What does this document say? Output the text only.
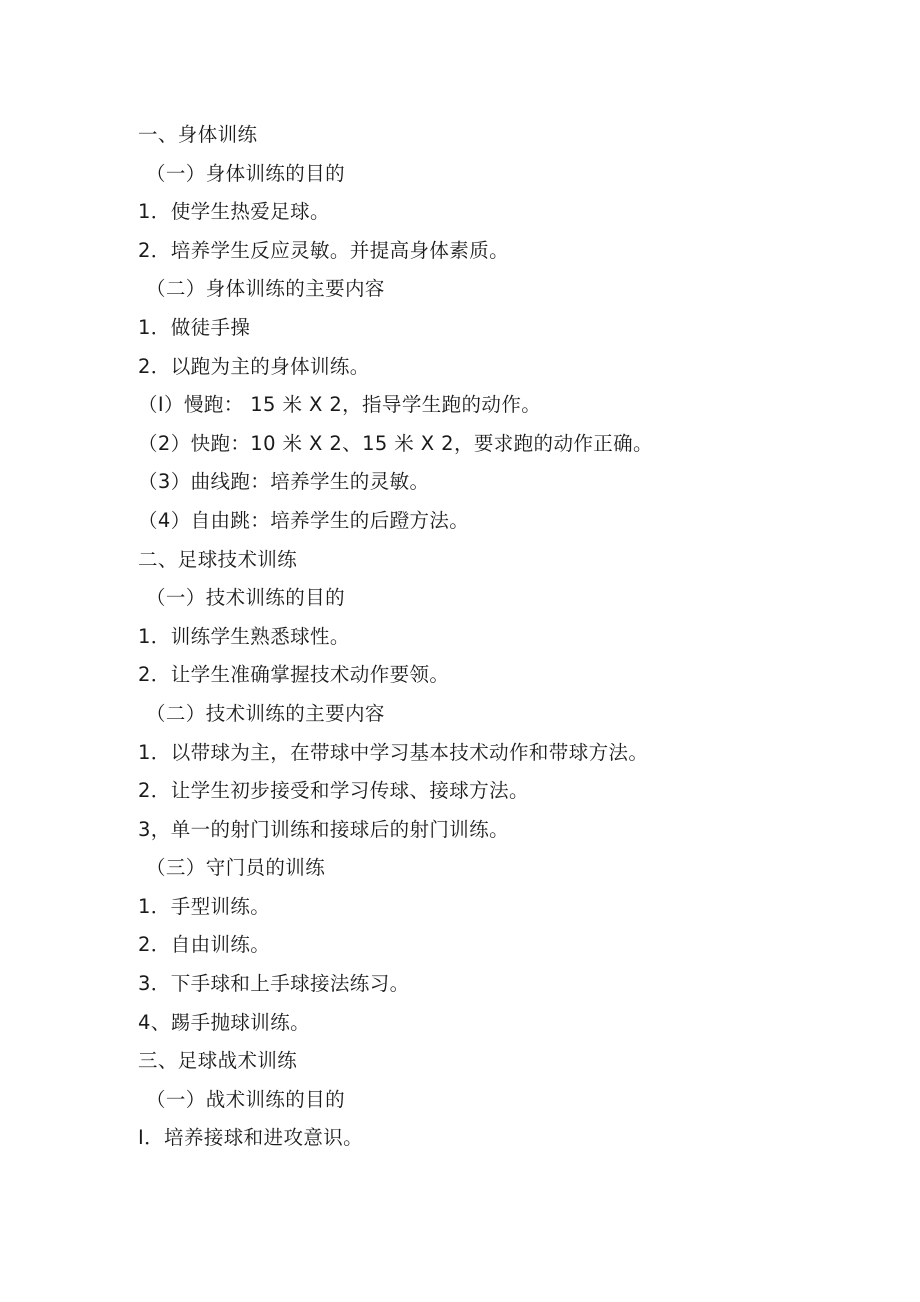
一、身体训练
（一）身体训练的目的
1．使学生热爱足球。
2．培养学生反应灵敏。并提高身体素质。
（二）身体训练的主要内容
1．做徒手操
2．以跑为主的身体训练。
（I）慢跑： 15 米 X 2，指导学生跑的动作。
（2）快跑：10 米 X 2、15 米 X 2，要求跑的动作正确。
（3）曲线跑：培养学生的灵敏。
（4）自由跳：培养学生的后蹬方法。
二、足球技术训练
（一）技术训练的目的
1．训练学生熟悉球性。
2．让学生准确掌握技术动作要领。
（二）技术训练的主要内容
1．以带球为主，在带球中学习基本技术动作和带球方法。
2．让学生初步接受和学习传球、接球方法。
3，单一的射门训练和接球后的射门训练。
（三）守门员的训练
1．手型训练。
2．自由训练。
3．下手球和上手球接法练习。
4、踢手抛球训练。
三、足球战术训练
（一）战术训练的目的
I．培养接球和进攻意识。
